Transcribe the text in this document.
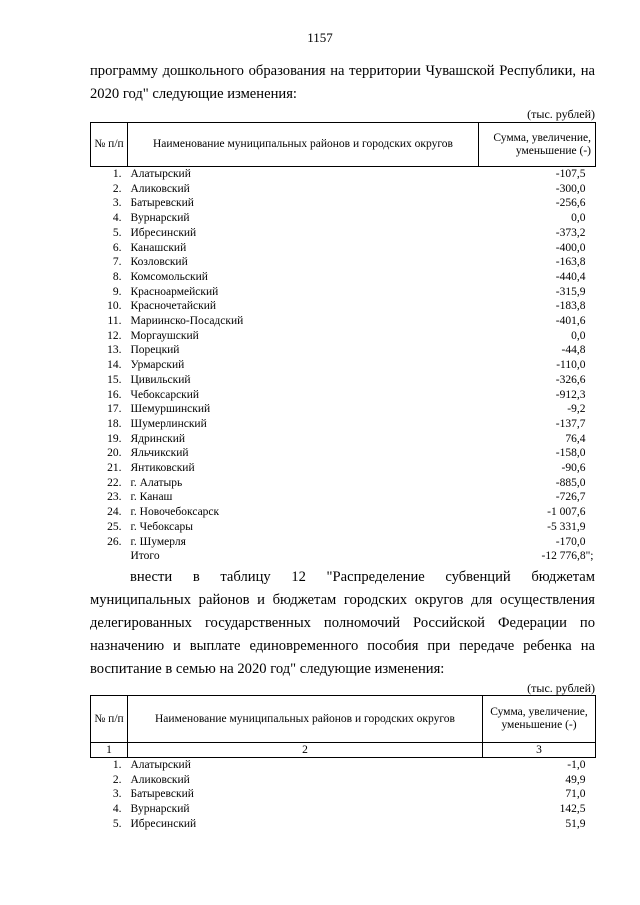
1157

программу дошкольного образования на территории Чувашской Республики, на 2020 год" следующие изменения:

(тыс. рублей)
№ п/п	Наименование муниципальных районов и городских округов	Сумма, увеличение, уменьшение (-)
1.	Алатырский	-107,5
2.	Аликовский	-300,0
3.	Батыревский	-256,6
4.	Вурнарский	0,0
5.	Ибресинский	-373,2
6.	Канашский	-400,0
7.	Козловский	-163,8
8.	Комсомольский	-440,4
9.	Красноармейский	-315,9
10.	Красночетайский	-183,8
11.	Мариинско-Посадский	-401,6
12.	Моргаушский	0,0
13.	Порецкий	-44,8
14.	Урмарский	-110,0
15.	Цивильский	-326,6
16.	Чебоксарский	-912,3
17.	Шемуршинский	-9,2
18.	Шумерлинский	-137,7
19.	Ядринский	76,4
20.	Яльчикский	-158,0
21.	Янтиковский	-90,6
22.	г. Алатырь	-885,0
23.	г. Канаш	-726,7
24.	г. Новочебоксарск	-1 007,6
25.	г. Чебоксары	-5 331,9
26.	г. Шумерля	-170,0
	Итого	-12 776,8";

внести в таблицу 12 "Распределение субвенций бюджетам муниципальных районов и бюджетам городских округов для осуществления делегированных государственных полномочий Российской Федерации по назначению и выплате единовременного пособия при передаче ребенка на воспитание в семью на 2020 год" следующие изменения:

(тыс. рублей)
№ п/п	Наименование муниципальных районов и городских округов	Сумма, увеличение, уменьшение (-)
1	2	3
1.	Алатырский	-1,0
2.	Аликовский	49,9
3.	Батыревский	71,0
4.	Вурнарский	142,5
5.	Ибресинский	51,9
